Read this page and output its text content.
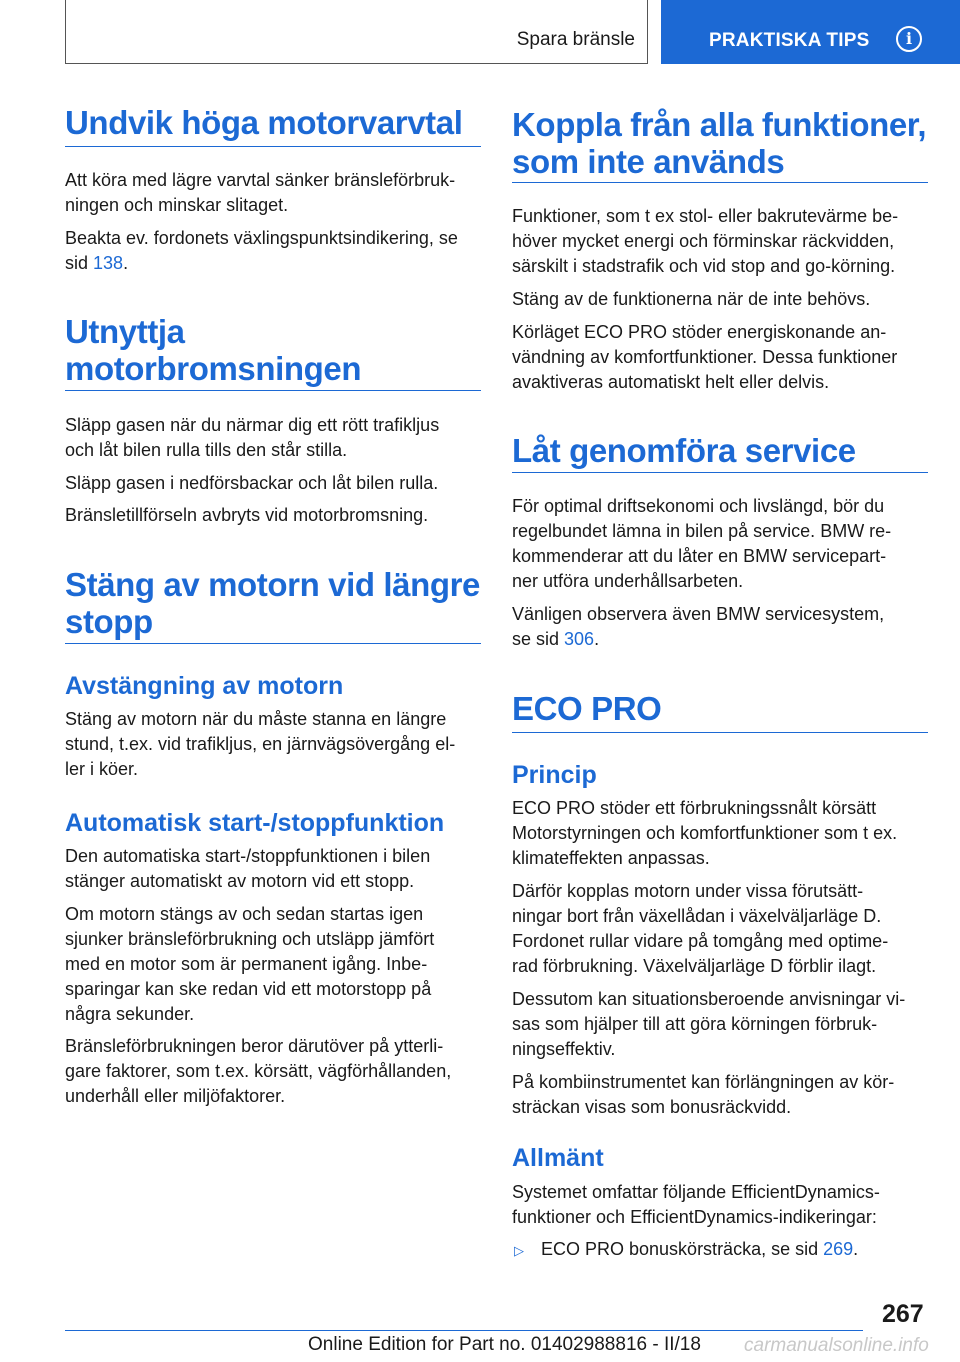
Spara bränsle	PRAKTISKA TIPS	i
Undvik höga motorvarvtal

Att köra med lägre varvtal sänker bränsleförbruk-
ningen och minskar slitaget.

Beakta ev. fordonets växlingspunktsindikering, se
sid 138.

Utnyttja
motorbromsningen

Släpp gasen när du närmar dig ett rött trafikljus
och låt bilen rulla tills den står stilla.

Släpp gasen i nedförsbackar och låt bilen rulla.

Bränsletillförseln avbryts vid motorbromsning.

Stäng av motorn vid längre
stopp
Avstängning av motorn

Stäng av motorn när du måste stanna en längre
stund, t.ex. vid trafikljus, en järnvägsövergång el-
ler i köer.

Automatisk start-/stoppfunktion

Den automatiska start-/stoppfunktionen i bilen
stänger automatiskt av motorn vid ett stopp.

Om motorn stängs av och sedan startas igen
sjunker bränsleförbrukning och utsläpp jämfört
med en motor som är permanent igång. Inbe-
sparingar kan ske redan vid ett motorstopp på
några sekunder.

Bränsleförbrukningen beror därutöver på ytterli-
gare faktorer, som t.ex. körsätt, vägförhållanden,
underhåll eller miljöfaktorer.

Koppla från alla funktioner,
som inte används

Funktioner, som t ex stol- eller bakrutevärme be-
höver mycket energi och förminskar räckvidden,
särskilt i stadstrafik och vid stop and go-körning.

Stäng av de funktionerna när de inte behövs.

Körläget ECO PRO stöder energiskonande an-
vändning av komfortfunktioner. Dessa funktioner
avaktiveras automatiskt helt eller delvis.

Låt genomföra service

För optimal driftsekonomi och livslängd, bör du
regelbundet lämna in bilen på service. BMW re-
kommenderar att du låter en BMW servicepart-
ner utföra underhållsarbeten.

Vänligen observera även BMW servicesystem,
se sid 306.

ECO PRO
Princip

ECO PRO stöder ett förbrukningssnålt körsätt
Motorstyrningen och komfortfunktioner som t ex.
klimateffekten anpassas.

Därför kopplas motorn under vissa förutsätt-
ningar bort från växellådan i växelväljarläge D.
Fordonet rullar vidare på tomgång med optime-
rad förbrukning. Växelväljarläge D förblir ilagt.

Dessutom kan situationsberoende anvisningar vi-
sas som hjälper till att göra körningen förbruk-
ningseffektiv.

På kombiinstrumentet kan förlängningen av kör-
sträckan visas som bonusräckvidd.

Allmänt

Systemet omfattar följande EfficientDynamics-
funktioner och EfficientDynamics-indikeringar:

▷ ECO PRO bonuskörsträcka, se sid 269.

267
Online Edition for Part no. 01402988816 - II/18 carmanualsonline.info
